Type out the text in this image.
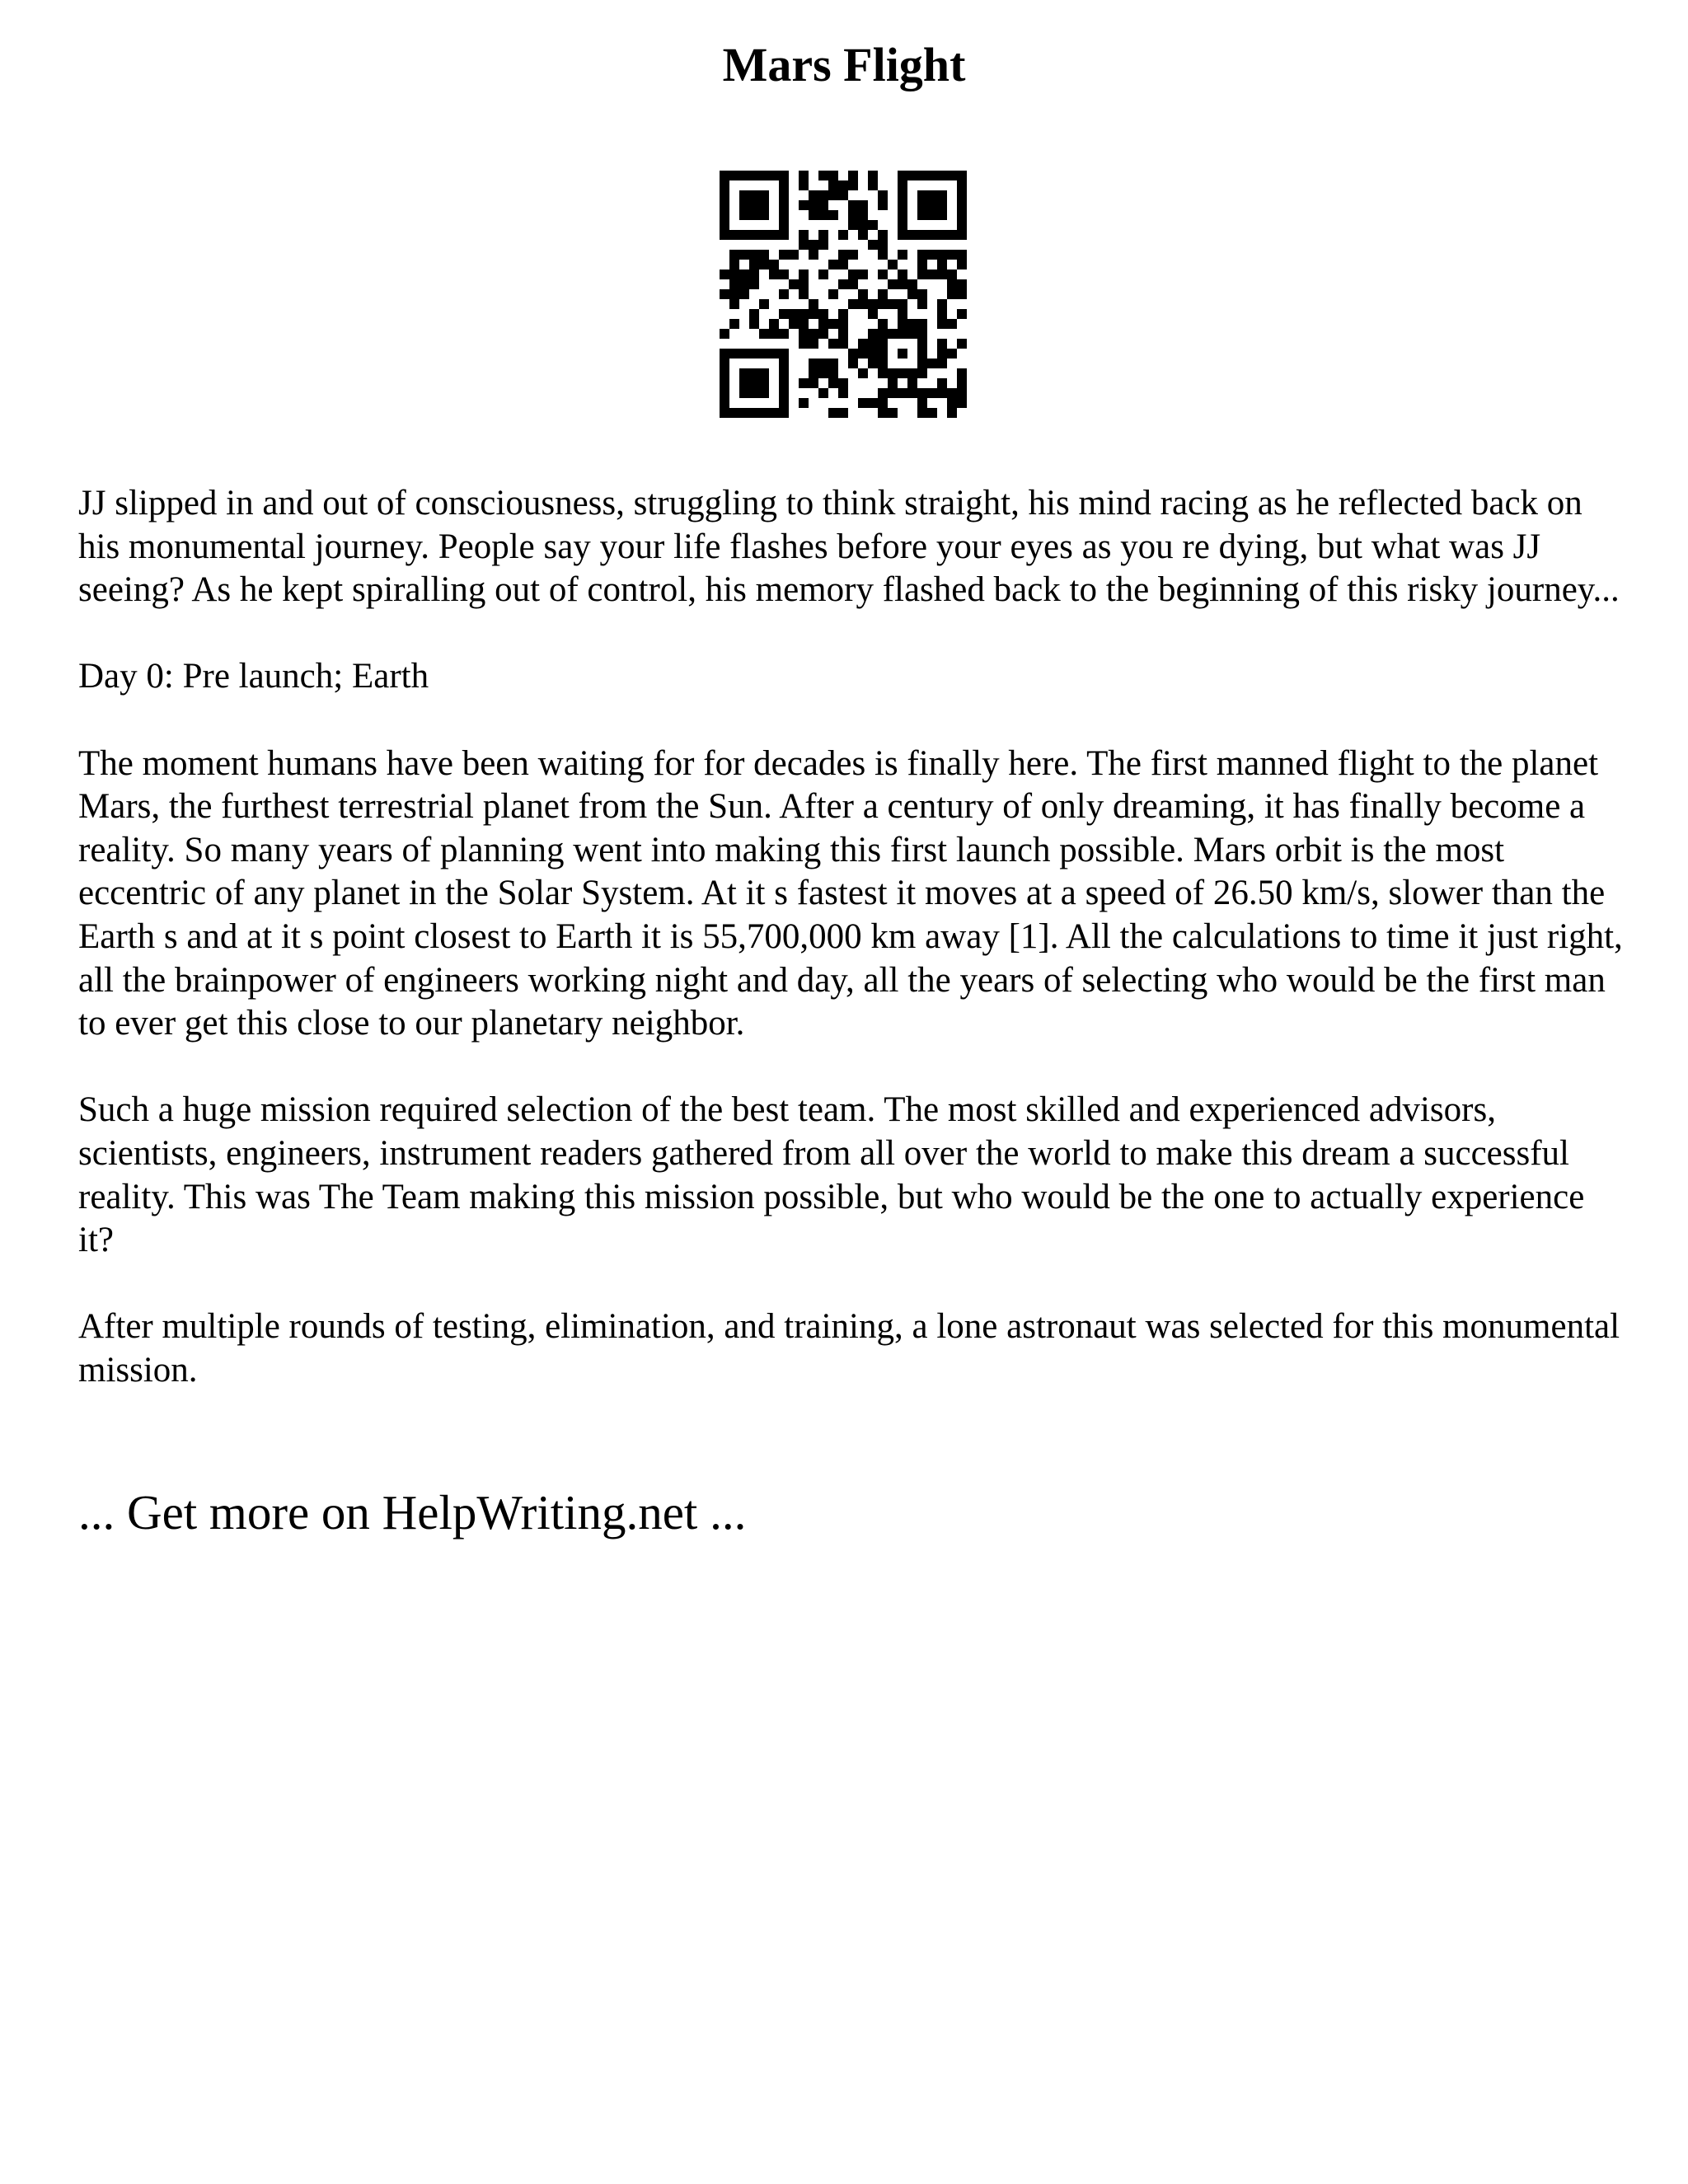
Mars Flight

JJ slipped in and out of consciousness, struggling to think straight, his mind racing as he reflected back on his monumental journey. People say your life flashes before your eyes as you re dying, but what was JJ seeing? As he kept spiralling out of control, his memory flashed back to the beginning of this risky journey...

Day 0: Pre launch; Earth

The moment humans have been waiting for for decades is finally here. The first manned flight to the planet Mars, the furthest terrestrial planet from the Sun. After a century of only dreaming, it has finally become a reality. So many years of planning went into making this first launch possible. Mars orbit is the most eccentric of any planet in the Solar System. At it s fastest it moves at a speed of 26.50 km/s, slower than the Earth s and at it s point closest to Earth it is 55,700,000 km away [1]. All the calculations to time it just right, all the brainpower of engineers working night and day, all the years of selecting who would be the first man to ever get this close to our planetary neighbor.

Such a huge mission required selection of the best team. The most skilled and experienced advisors, scientists, engineers, instrument readers gathered from all over the world to make this dream a successful reality. This was The Team making this mission possible, but who would be the one to actually experience it?

After multiple rounds of testing, elimination, and training, a lone astronaut was selected for this monumental mission.

... Get more on HelpWriting.net ...
